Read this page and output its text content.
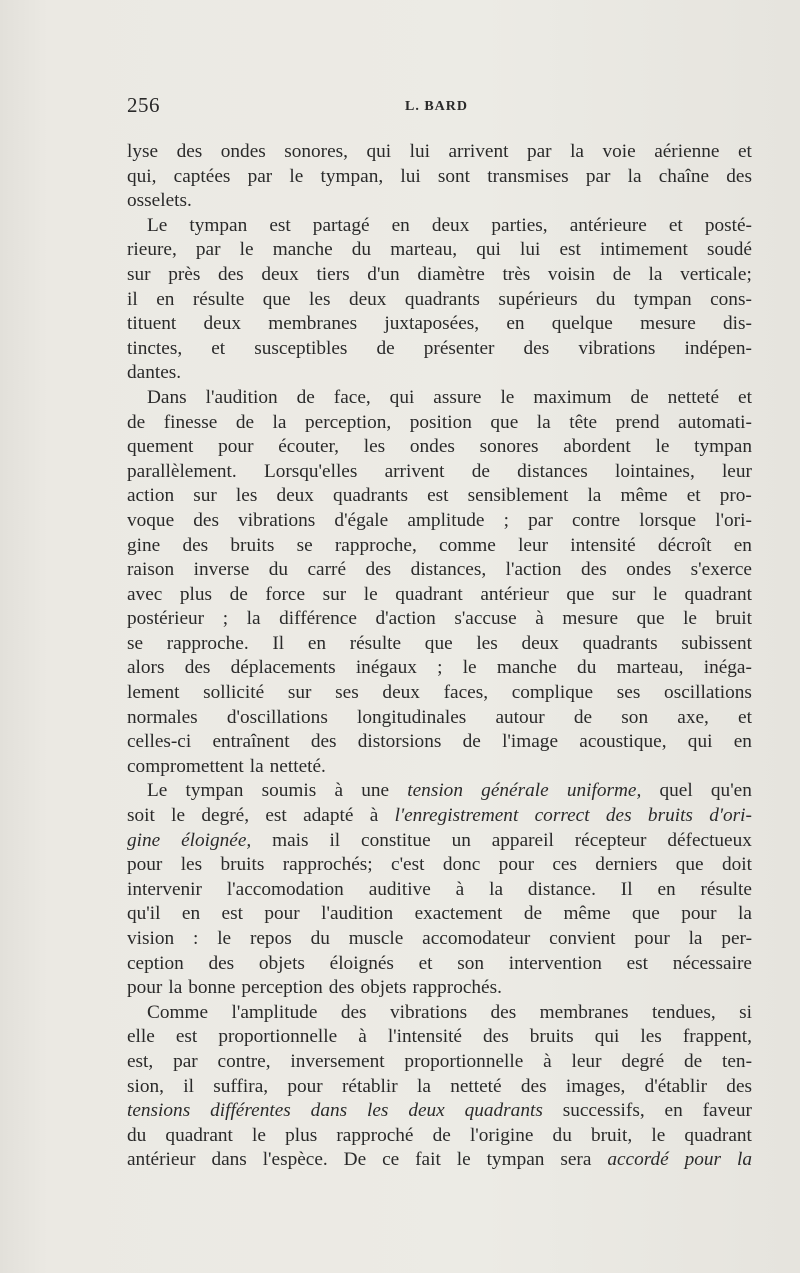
256	L. BARD
lyse des ondes sonores, qui lui arrivent par la voie aérienne et
qui, captées par le tympan, lui sont transmises par la chaîne des
osselets.
Le tympan est partagé en deux parties, antérieure et posté-
rieure, par le manche du marteau, qui lui est intimement soudé
sur près des deux tiers d'un diamètre très voisin de la verticale;
il en résulte que les deux quadrants supérieurs du tympan cons-
tituent deux membranes juxtaposées, en quelque mesure dis-
tinctes, et susceptibles de présenter des vibrations indépen-
dantes.
Dans l'audition de face, qui assure le maximum de netteté et
de finesse de la perception, position que la tête prend automati-
quement pour écouter, les ondes sonores abordent le tympan
parallèlement. Lorsqu'elles arrivent de distances lointaines, leur
action sur les deux quadrants est sensiblement la même et pro-
voque des vibrations d'égale amplitude ; par contre lorsque l'ori-
gine des bruits se rapproche, comme leur intensité décroît en
raison inverse du carré des distances, l'action des ondes s'exerce
avec plus de force sur le quadrant antérieur que sur le quadrant
postérieur ; la différence d'action s'accuse à mesure que le bruit
se rapproche. Il en résulte que les deux quadrants subissent
alors des déplacements inégaux ; le manche du marteau, inéga-
lement sollicité sur ses deux faces, complique ses oscillations
normales d'oscillations longitudinales autour de son axe, et
celles-ci entraînent des distorsions de l'image acoustique, qui en
compromettent la netteté.
Le tympan soumis à une tension générale uniforme, quel qu'en
soit le degré, est adapté à l'enregistrement correct des bruits d'ori-
gine éloignée, mais il constitue un appareil récepteur défectueux
pour les bruits rapprochés; c'est donc pour ces derniers que doit
intervenir l'accomodation auditive à la distance. Il en résulte
qu'il en est pour l'audition exactement de même que pour la
vision : le repos du muscle accomodateur convient pour la per-
ception des objets éloignés et son intervention est nécessaire
pour la bonne perception des objets rapprochés.
Comme l'amplitude des vibrations des membranes tendues, si
elle est proportionnelle à l'intensité des bruits qui les frappent,
est, par contre, inversement proportionnelle à leur degré de ten-
sion, il suffira, pour rétablir la netteté des images, d'établir des
tensions différentes dans les deux quadrants successifs, en faveur
du quadrant le plus rapproché de l'origine du bruit, le quadrant
antérieur dans l'espèce. De ce fait le tympan sera accordé pour la
